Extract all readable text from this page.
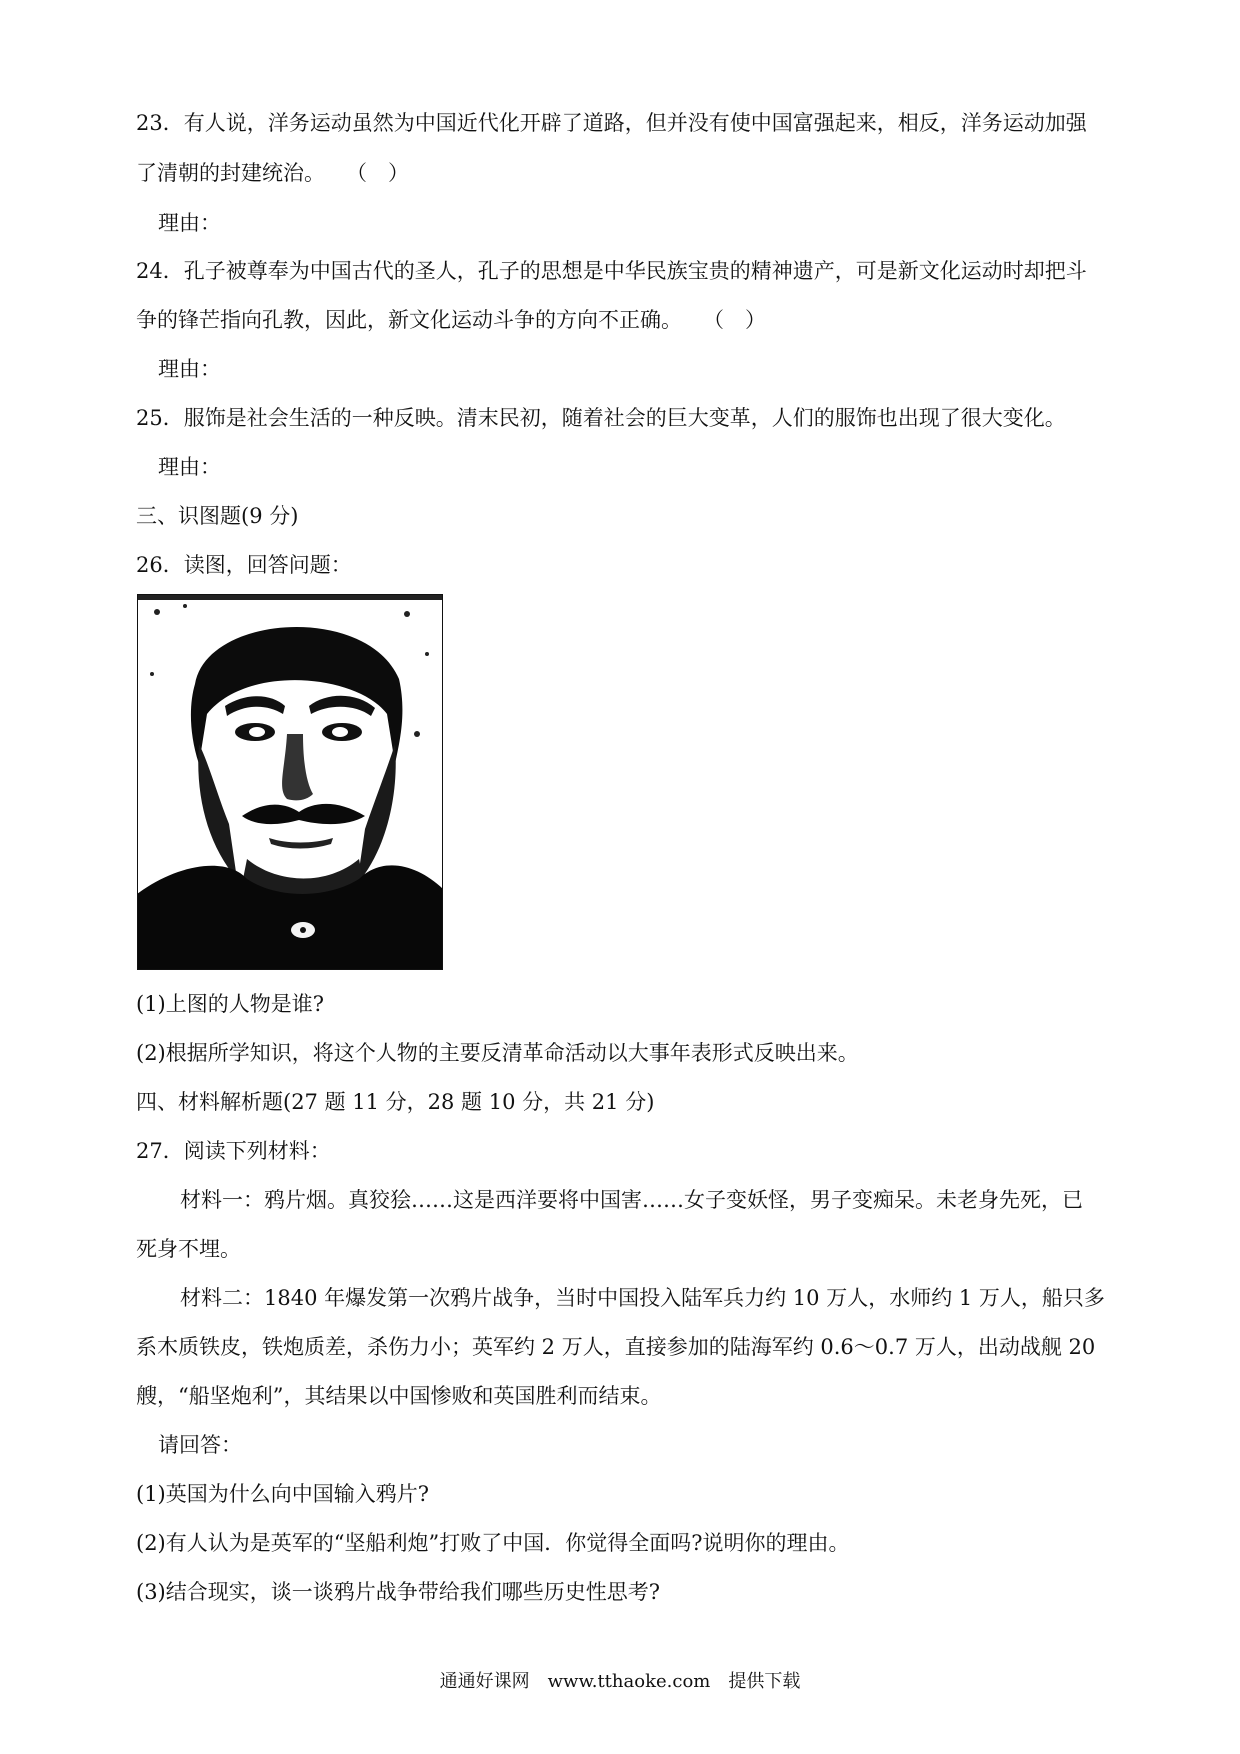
23．有人说，洋务运动虽然为中国近代化开辟了道路，但并没有使中国富强起来，相反，洋务运动加强
了清朝的封建统治。　　（　）
理由：
24．孔子被尊奉为中国古代的圣人，孔子的思想是中华民族宝贵的精神遗产，可是新文化运动时却把斗
争的锋芒指向孔教，因此，新文化运动斗争的方向不正确。　　（　）
理由：
25．服饰是社会生活的一种反映。清末民初，随着社会的巨大变革，人们的服饰也出现了很大变化。
理由：
三、识图题(9 分)
26．读图，回答问题：
(1)上图的人物是谁?
(2)根据所学知识，将这个人物的主要反清革命活动以大事年表形式反映出来。
四、材料解析题(27 题 11 分，28 题 10 分，共 21 分)
27．阅读下列材料：
材料一：鸦片烟。真狡狯……这是西洋要将中国害……女子变妖怪，男子变痴呆。未老身先死，已
死身不埋。
材料二：1840 年爆发第一次鸦片战争，当时中国投入陆军兵力约 10 万人，水师约 1 万人，船只多
系木质铁皮，铁炮质差，杀伤力小；英军约 2 万人，直接参加的陆海军约 0.6～0.7 万人，出动战舰 20
艘，“船坚炮利”，其结果以中国惨败和英国胜利而结束。
请回答：
(1)英国为什么向中国输入鸦片?
(2)有人认为是英军的“坚船利炮”打败了中国．你觉得全面吗?说明你的理由。
(3)结合现实，谈一谈鸦片战争带给我们哪些历史性思考?
通通好课网　www.tthaoke.com　提供下载
